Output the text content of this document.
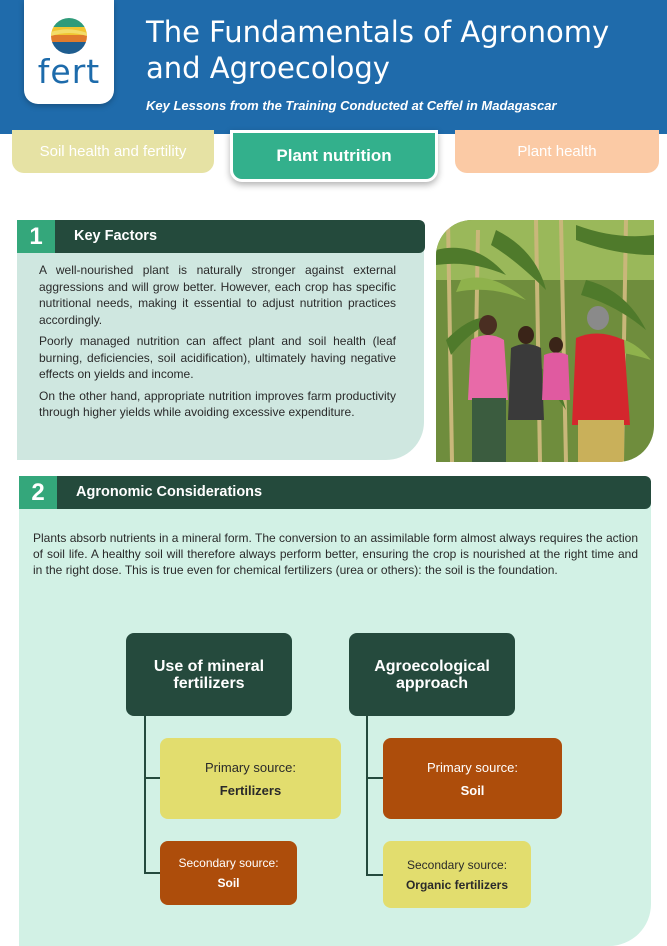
fert
The Fundamentals of Agronomy
and Agroecology
Key Lessons from the Training Conducted at Ceffel in Madagascar
Soil health and fertility	Plant health
Plant nutrition
1	Key Factors

A well-nourished plant is naturally stronger against external aggressions and will grow better. However, each crop has specific nutritional needs, making it essential to adjust nutrition practices accordingly.

Poorly managed nutrition can affect plant and soil health (leaf burning, deficiencies, soil acidification), ultimately having negative effects on yields and income.

On the other hand, appropriate nutrition improves farm productivity through higher yields while avoiding excessive expenditure.

2	Agronomic Considerations
Plants absorb nutrients in a mineral form. The conversion to an assimilable form almost always requires the action of soil life. A healthy soil will therefore always perform better, ensuring the crop is nourished at the right time and in the right dose. This is true even for chemical fertilizers (urea or others): the soil is the foundation.
Use of mineral fertilizers
Primary source:
Fertilizers
Secondary source:
Soil
Agroecological approach
Primary source:
Soil
Secondary source:
Organic fertilizers
